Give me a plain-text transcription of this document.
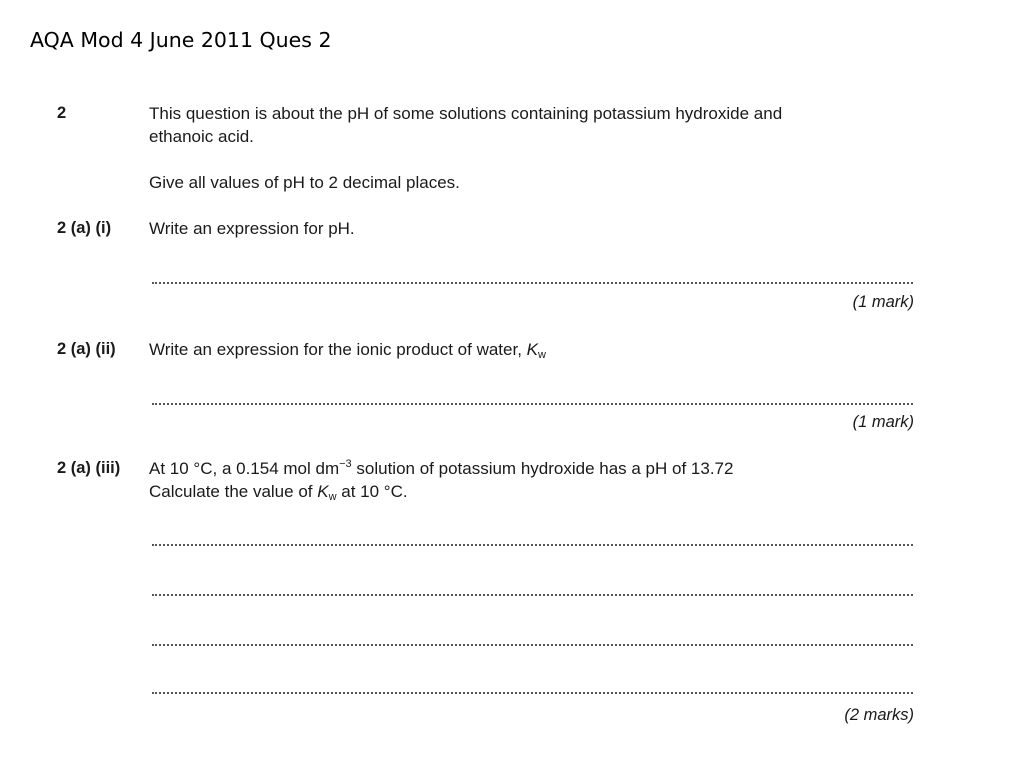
AQA Mod 4 June 2011 Ques 2
2	This question is about the pH of some solutions containing potassium hydroxide and

ethanoic acid.

Give all values of pH to 2 decimal places.
2 (a) (i) Write an expression for pH.
(1 mark)
2 (a) (ii) Write an expression for the ionic product of water, $K_w$
(1 mark)
2 (a) (iii) At 10 °C, a 0.154 mol $dm^{-3}$ solution of potassium hydroxide has a pH of 13.72

Calculate the value of $K_w$ at 10 °C.

(2 marks)
